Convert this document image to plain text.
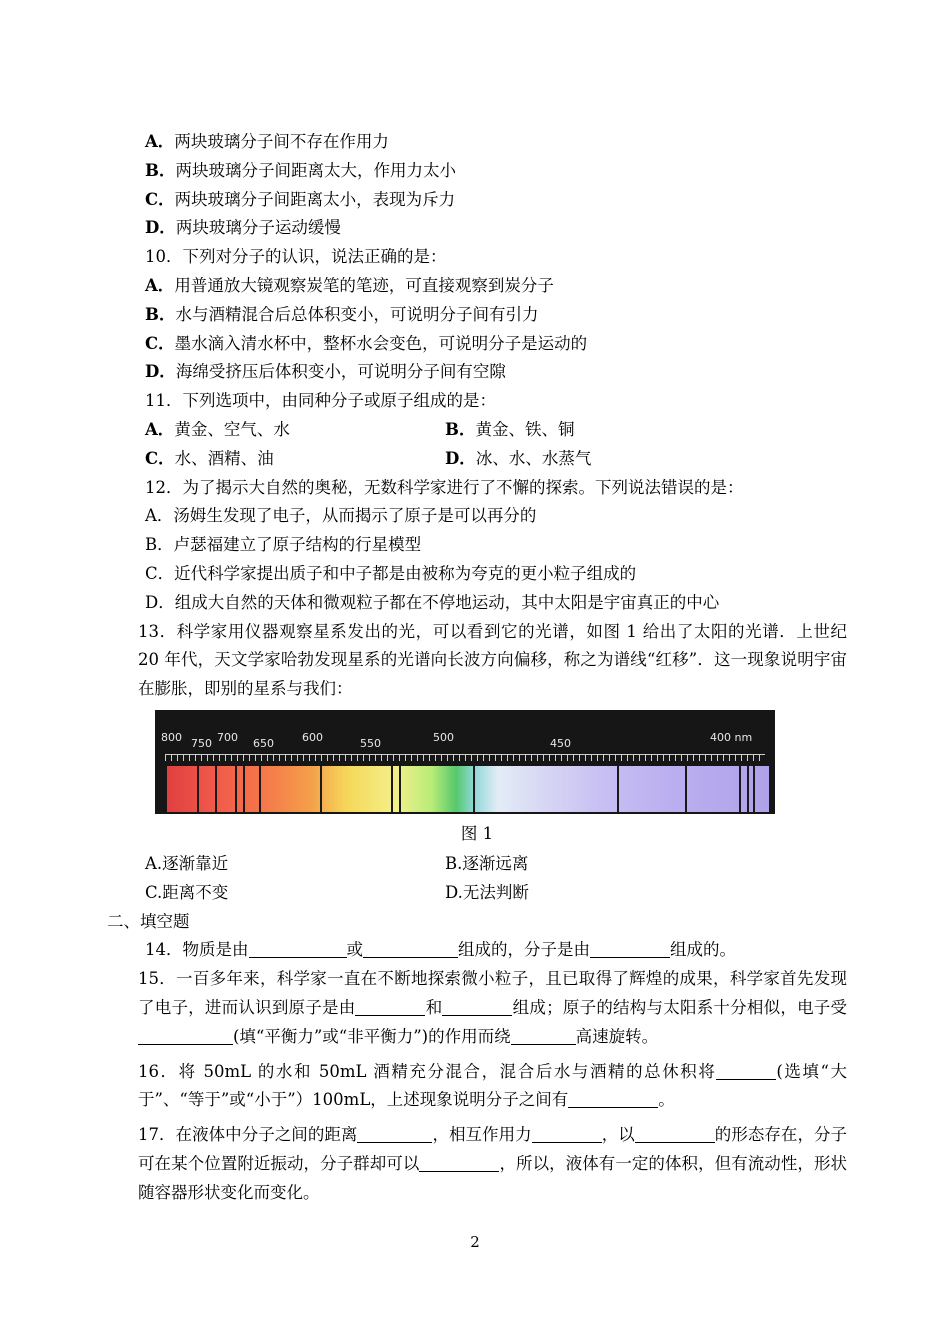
A．两块玻璃分子间不存在作用力
B．两块玻璃分子间距离太大，作用力太小
C．两块玻璃分子间距离太小，表现为斥力
D．两块玻璃分子运动缓慢
10．下列对分子的认识，说法正确的是：
A．用普通放大镜观察炭笔的笔迹，可直接观察到炭分子
B．水与酒精混合后总体积变小，可说明分子间有引力
C．墨水滴入清水杯中，整杯水会变色，可说明分子是运动的
D．海绵受挤压后体积变小，可说明分子间有空隙
11．下列选项中，由同种分子或原子组成的是：
A．黄金、空气、水	B．黄金、铁、铜
C．水、酒精、油	D．冰、水、水蒸气
12．为了揭示大自然的奥秘，无数科学家进行了不懈的探索。下列说法错误的是：
A．汤姆生发现了电子，从而揭示了原子是可以再分的
B．卢瑟福建立了原子结构的行星模型
C．近代科学家提出质子和中子都是由被称为夸克的更小粒子组成的
D．组成大自然的天体和微观粒子都在不停地运动，其中太阳是宇宙真正的中心
13．科学家用仪器观察星系发出的光，可以看到它的光谱，如图 1 给出了太阳的光谱．上世纪 20 年代，天文学家哈勃发现星系的光谱向长波方向偏移，称之为谱线“红移”．这一现象说明宇宙在膨胀，即别的星系与我们：
800 750 700 650	600	550	500	450	400 nm
图 1
A.逐渐靠近	B.逐渐远离
C.距离不变	D.无法判断
二、填空题
14．物质是由	或	组成的，分子是由	组成的。
15．一百多年来，科学家一直在不断地探索微小粒子，且已取得了辉煌的成果，科学家首先发现了电子，进而认识到原子是由	和	组成；原子的结构与太阳系十分相似，电子受(填“平衡力”或“非平衡力”)的作用而绕	高速旋转。
16．将 50mL 的水和 50mL 酒精充分混合，混合后水与酒精的总休积将	(选填“大于”、“等于”或“小于”）100mL，上述现象说明分子之间有	。
17．在液体中分子之间的距离	，相互作用力	，以	的形态存在，分子可在某个位置附近振动，分子群却可以	，所以，液体有一定的体积，但有流动性，形状随容器形状变化而变化。
2
